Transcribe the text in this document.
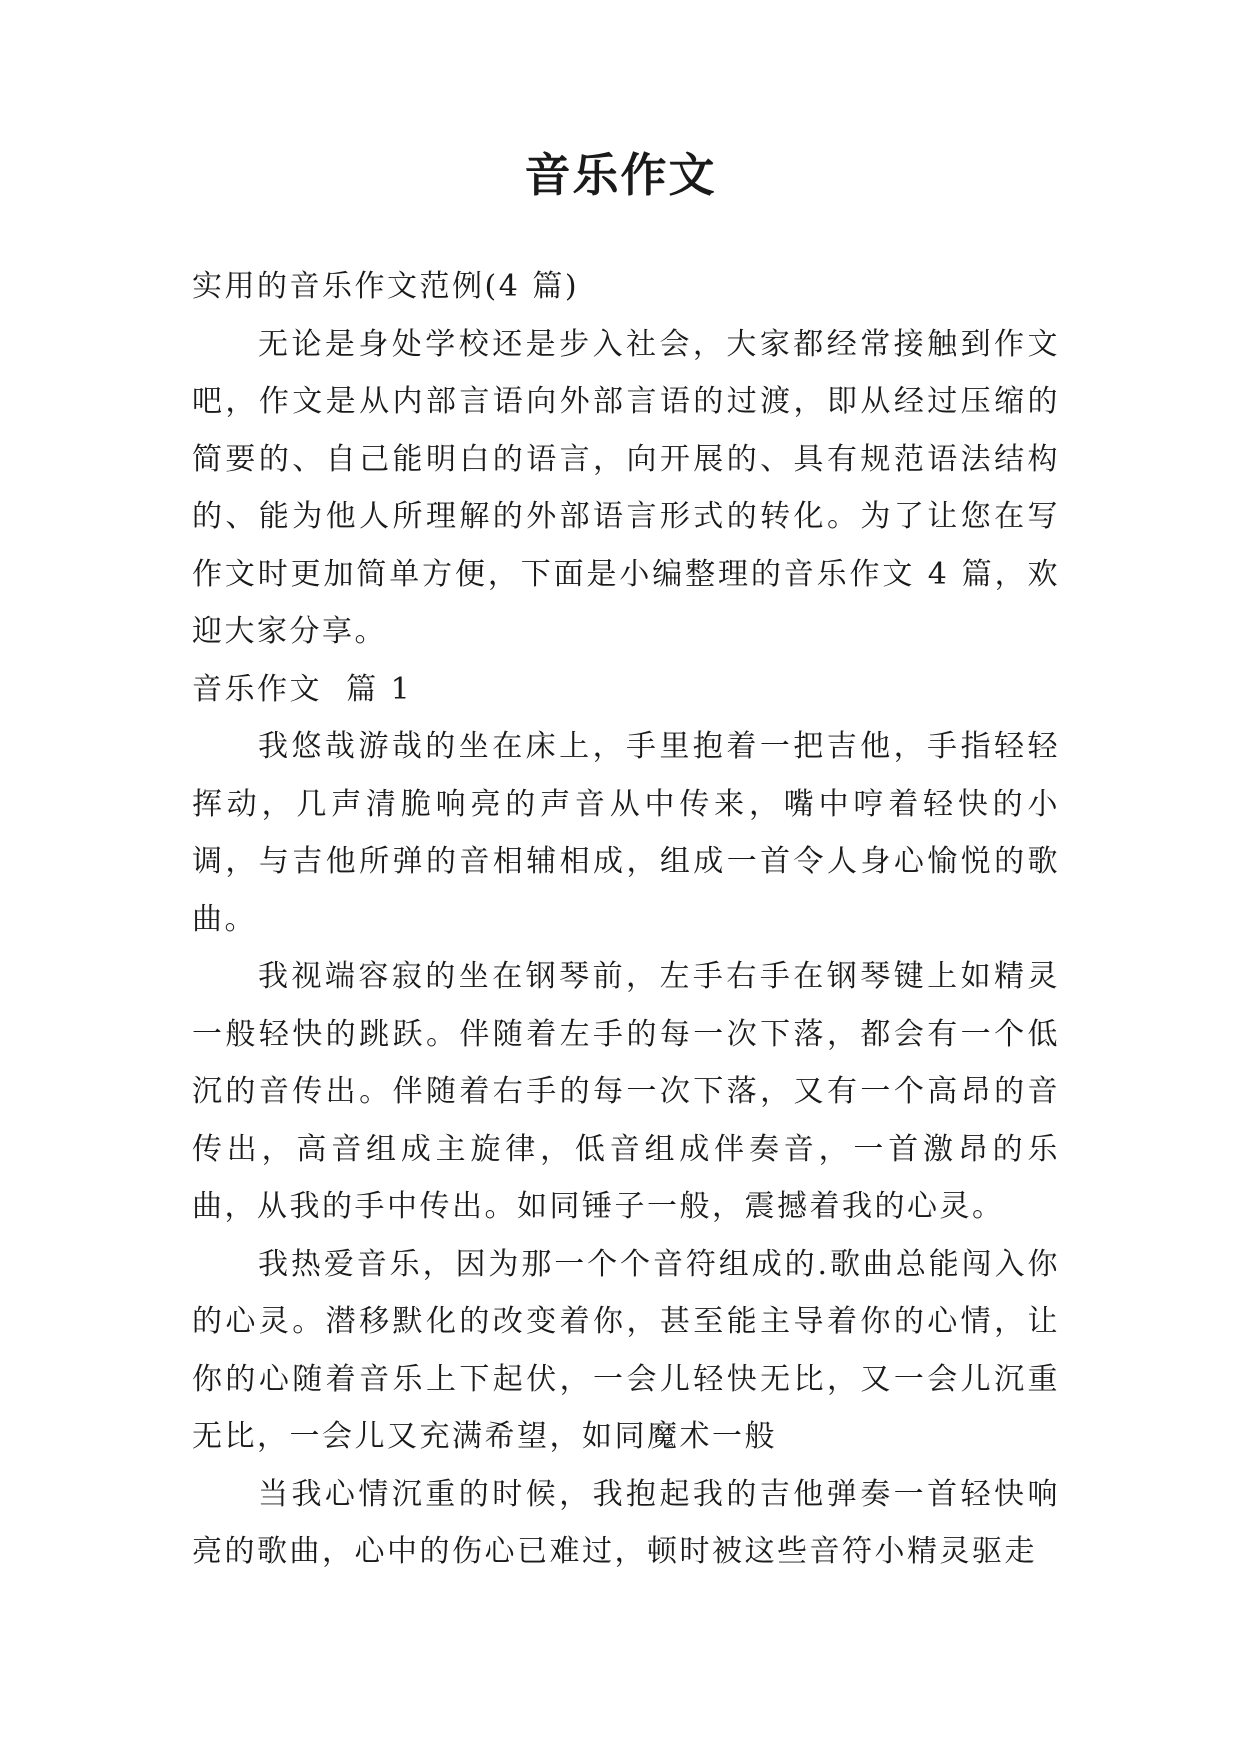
音乐作文

实用的音乐作文范例(4 篇)

无论是身处学校还是步入社会，大家都经常接触到作文吧，作文是从内部言语向外部言语的过渡，即从经过压缩的简要的、自己能明白的语言，向开展的、具有规范语法结构的、能为他人所理解的外部语言形式的转化。为了让您在写作文时更加简单方便，下面是小编整理的音乐作文 4 篇，欢迎大家分享。

音乐作文  篇 1

我悠哉游哉的坐在床上，手里抱着一把吉他，手指轻轻挥动，几声清脆响亮的声音从中传来，嘴中哼着轻快的小调，与吉他所弹的音相辅相成，组成一首令人身心愉悦的歌曲。

我视端容寂的坐在钢琴前，左手右手在钢琴键上如精灵一般轻快的跳跃。伴随着左手的每一次下落，都会有一个低沉的音传出。伴随着右手的每一次下落，又有一个高昂的音传出，高音组成主旋律，低音组成伴奏音，一首激昂的乐曲，从我的手中传出。如同锤子一般，震撼着我的心灵。

我热爱音乐，因为那一个个音符组成的.歌曲总能闯入你的心灵。潜移默化的改变着你，甚至能主导着你的心情，让你的心随着音乐上下起伏，一会儿轻快无比，又一会儿沉重无比，一会儿又充满希望，如同魔术一般

当我心情沉重的时候，我抱起我的吉他弹奏一首轻快响亮的歌曲，心中的伤心已难过，顿时被这些音符小精灵驱走
